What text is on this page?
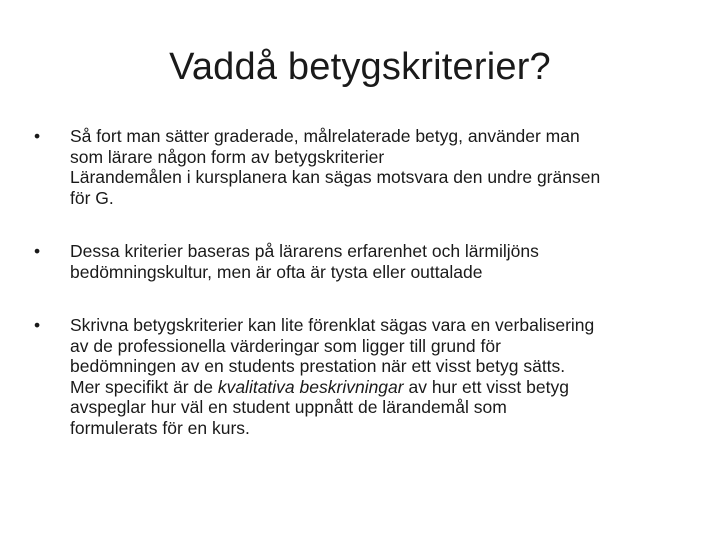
Vaddå betygskriterier?
•	Så fort man sätter graderade, målrelaterade betyg, använder man
som lärare någon form av betygskriterier
Lärandemålen i kursplanera kan sägas motsvara den undre gränsen
för G.
•	Dessa kriterier baseras på lärarens erfarenhet och lärmiljöns
bedömningskultur, men är ofta är tysta eller outtalade
•	Skrivna betygskriterier kan lite förenklat sägas vara en verbalisering
av de professionella värderingar som ligger till grund för
bedömningen av en students prestation när ett visst betyg sätts.
Mer specifikt är de kvalitativa beskrivningar av hur ett visst betyg
avspeglar hur väl en student uppnått de lärandemål som
formulerats för en kurs.
